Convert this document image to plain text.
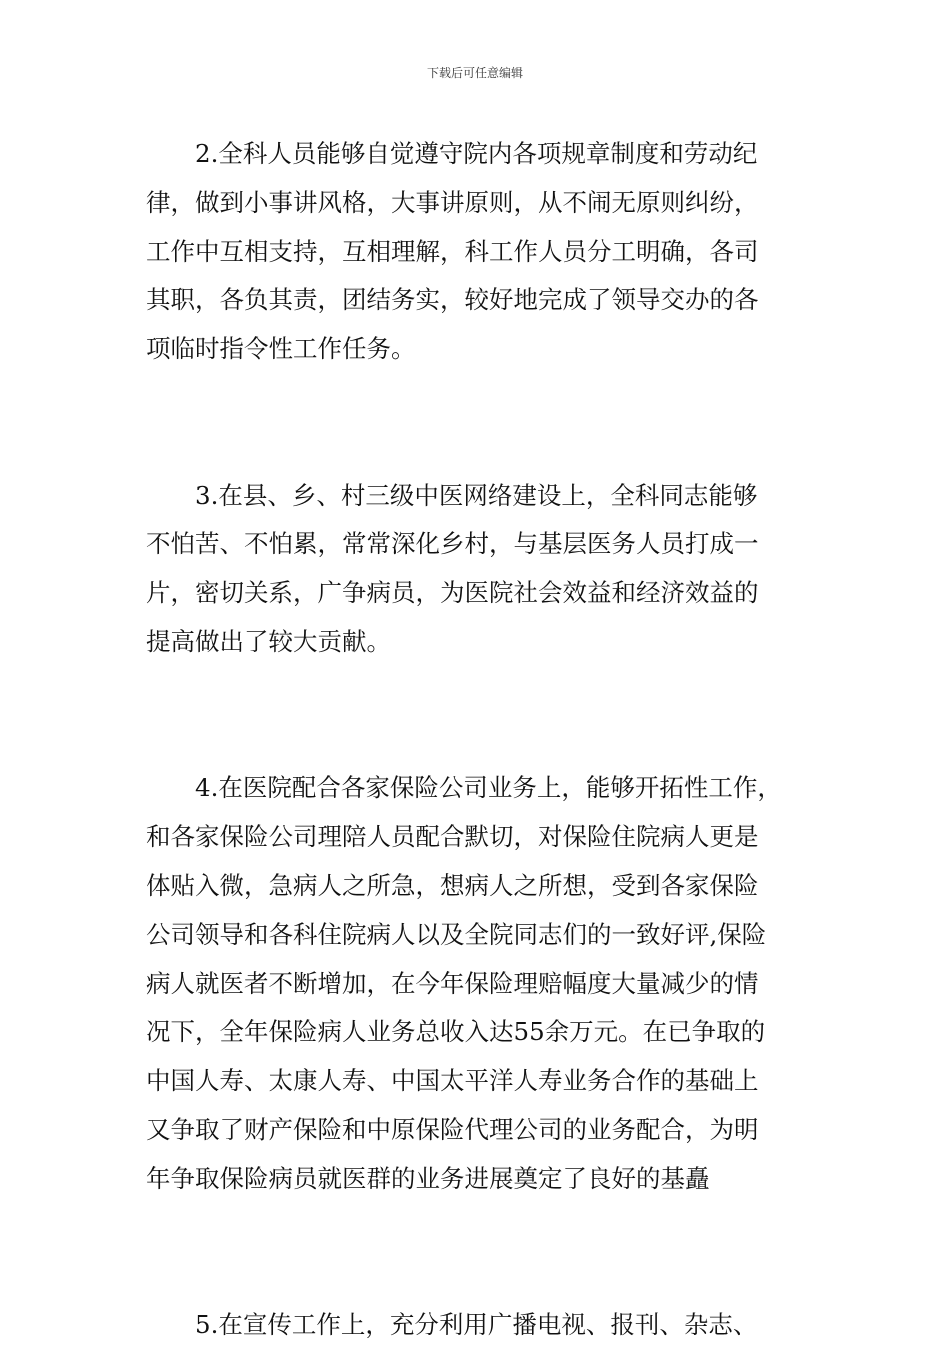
下载后可任意编辑

2.全科人员能够自觉遵守院内各项规章制度和劳动纪
律，做到小事讲风格，大事讲原则，从不闹无原则纠纷，
工作中互相支持，互相理解，科工作人员分工明确，各司
其职，各负其责，团结务实，较好地完成了领导交办的各
项临时指令性工作任务。

3.在县、乡、村三级中医网络建设上，全科同志能够
不怕苦、不怕累，常常深化乡村，与基层医务人员打成一
片，密切关系，广争病员，为医院社会效益和经济效益的
提高做出了较大贡献。

4.在医院配合各家保险公司业务上，能够开拓性工作，
和各家保险公司理陪人员配合默切，对保险住院病人更是
体贴入微，急病人之所急，想病人之所想，受到各家保险
公司领导和各科住院病人以及全院同志们的一致好评,保险
病人就医者不断增加，在今年保险理赔幅度大量减少的情
况下，全年保险病人业务总收入达55余万元。在已争取的
中国人寿、太康人寿、中国太平洋人寿业务合作的基础上
又争取了财产保险和中原保险代理公司的业务配合，为明
年争取保险病员就医群的业务进展奠定了良好的基矗

5.在宣传工作上，充分利用广播电视、报刊、杂志、
